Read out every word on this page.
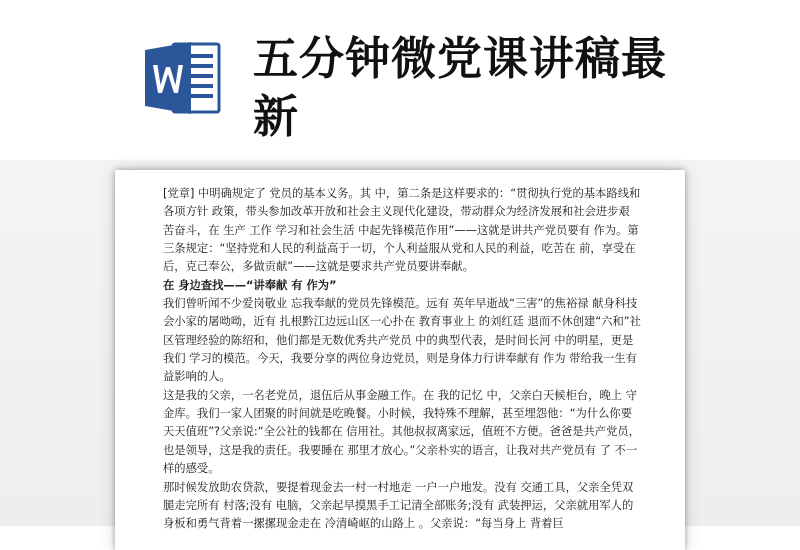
五分钟微党课讲稿最新

[党章] 中明确规定了 党员的基本义务。其 中，第二条是这样要求的：“贯彻执行党的基本路线和各项方针 政策，带头参加改革开放和社会主义现代化建设，带动群众为经济发展和社会进步艰苦奋斗，在 生产 工作 学习和社会生活 中起先锋模范作用”——这就是讲共产党员要有 作为。第三条规定：“坚持党和人民的利益高于一切，个人利益服从党和人民的利益，吃苦在 前，享受在 后，克己奉公，多做贡献”——这就是要求共产党员要讲奉献。

在 身边查找——“讲奉献 有 作为”

我们曾听闻不少爱岗敬业 忘我奉献的党员先锋模范。远有 英年早逝战“三害”的焦裕禄 献身科技会小家的屠呦呦，近有 扎根黔江边远山区一心扑在 教育事业上 的刘红廷 退而不休创建“六和”社区管理经验的陈绍和，他们都是无数优秀共产党员 中的典型代表，是时间长河 中的明星，更是我们 学习的模范。今天，我要分享的两位身边党员，则是身体力行讲奉献有 作为 带给我一生有 益影响的人。

这是我的父亲，一名老党员，退伍后从事金融工作。在 我的记忆 中，父亲白天候柜台，晚上 守金库。我们一家人团聚的时间就是吃晚餐。小时候，我特殊不理解，甚至埋怨他：“为什么你要天天值班”?父亲说:“全公社的钱都在 信用社。其他叔叔离家远，值班不方便。爸爸是共产党员，也是领导，这是我的责任。我要睡在 那里才放心。”父亲朴实的语言，让我对共产党员有 了 不一样的感受。

那时候发放助农贷款，要提着现金去一村一村地走 一户一户地发。没有 交通工具，父亲全凭双腿走完所有 村落;没有 电脑，父亲起早摸黑手工记清全部账务;没有 武装押运，父亲就用军人的身板和勇气背着一摞摞现金走在 冷清崎岖的山路上 。父亲说：“每当身上 背着巨
